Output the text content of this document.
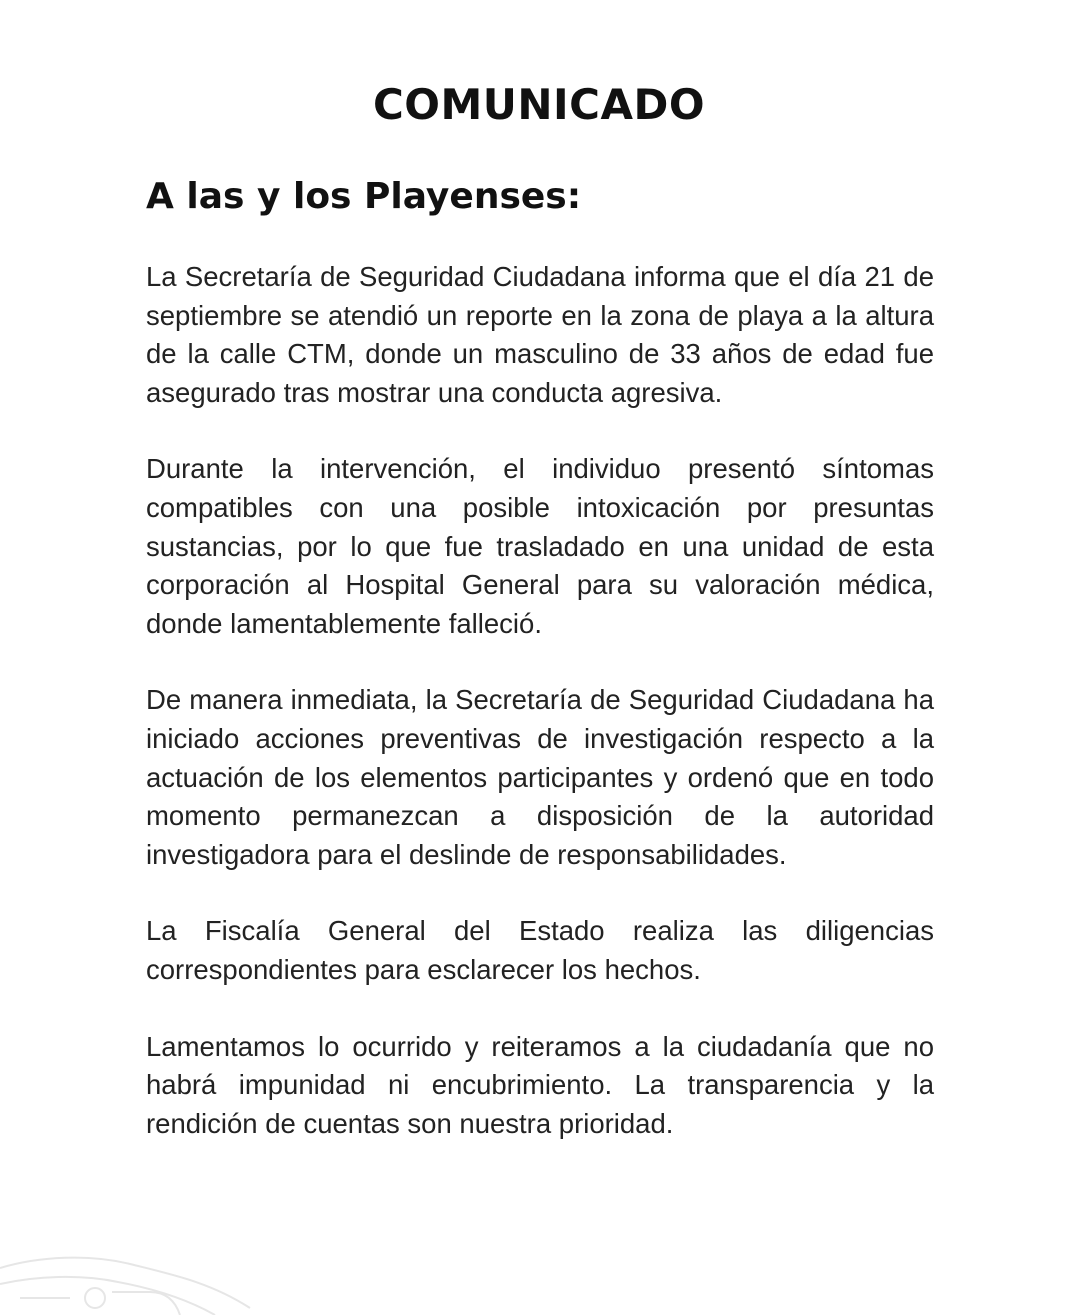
COMUNICADO
A las y los Playenses:

La Secretaría de Seguridad Ciudadana informa que el día 21 de septiembre se atendió un reporte en la zona de playa a la altura de la calle CTM, donde un masculino de 33 años de edad fue asegurado tras mostrar una conducta agresiva.

Durante la intervención, el individuo presentó síntomas compatibles con una posible intoxicación por presuntas sustancias, por lo que fue trasladado en una unidad de esta corporación al Hospital General para su valoración médica, donde lamentablemente falleció.

De manera inmediata, la Secretaría de Seguridad Ciudadana ha iniciado acciones preventivas de investigación respecto a la actuación de los elementos participantes y ordenó que en todo momento permanezcan a disposición de la autoridad investigadora para el deslinde de responsabilidades.

La Fiscalía General del Estado realiza las diligencias correspondientes para esclarecer los hechos.

Lamentamos lo ocurrido y reiteramos a la ciudadanía que no habrá impunidad ni encubrimiento. La transparencia y la rendición de cuentas son nuestra prioridad.
